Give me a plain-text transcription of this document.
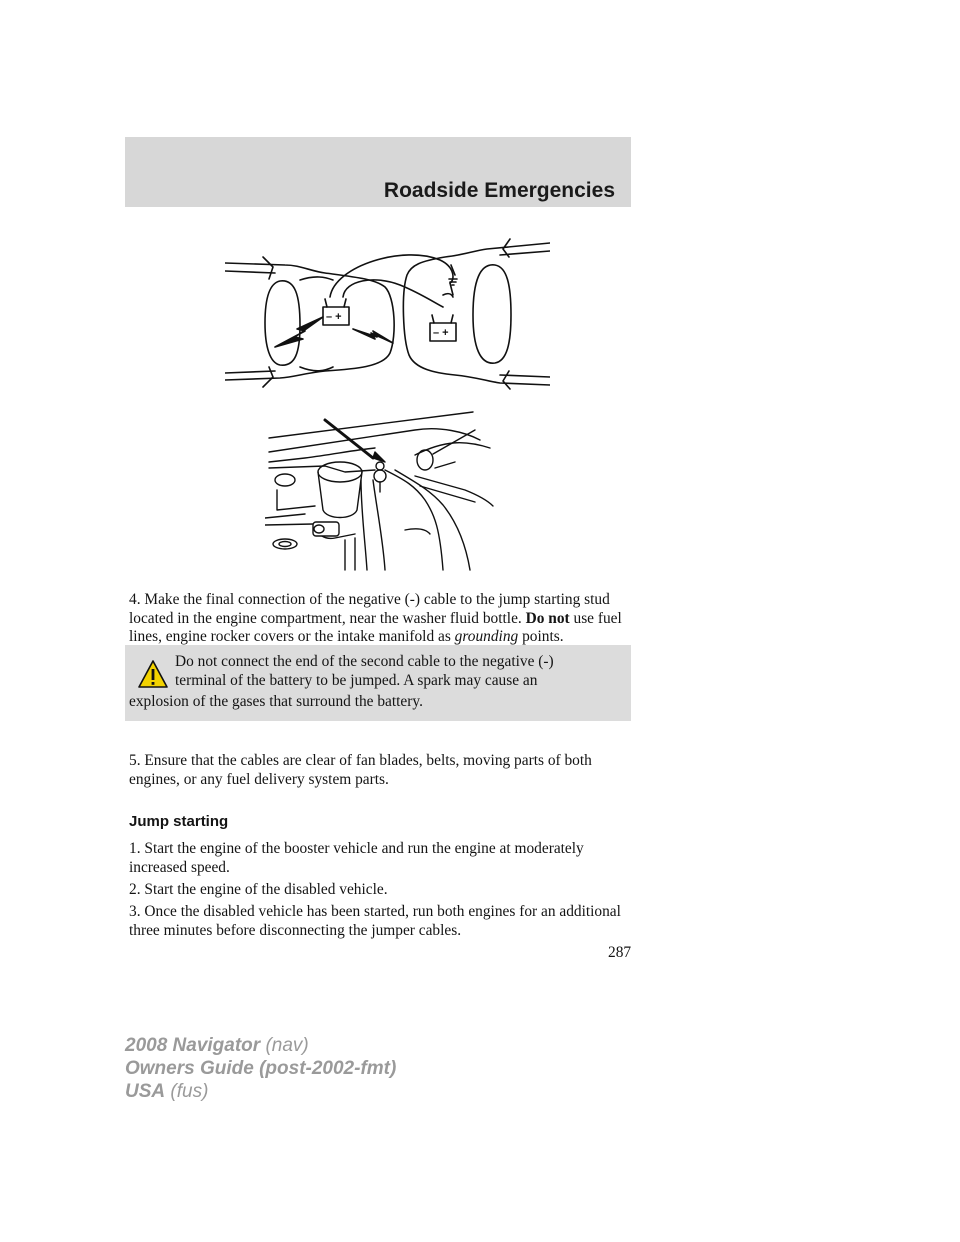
Roadside Emergencies
– +
– +
4. Make the final connection of the negative (-) cable to the jump starting stud located in the engine compartment, near the washer fluid bottle. Do not use fuel lines, engine rocker covers or the intake manifold as grounding points.
Do not connect the end of the second cable to the negative (-)
terminal of the battery to be jumped. A spark may cause an
explosion of the gases that surround the battery.
5. Ensure that the cables are clear of fan blades, belts, moving parts of both engines, or any fuel delivery system parts.
Jump starting
1. Start the engine of the booster vehicle and run the engine at moderately increased speed.
2. Start the engine of the disabled vehicle.
3. Once the disabled vehicle has been started, run both engines for an additional three minutes before disconnecting the jumper cables.
287
2008 Navigator (nav)
Owners Guide (post-2002-fmt)
USA (fus)
